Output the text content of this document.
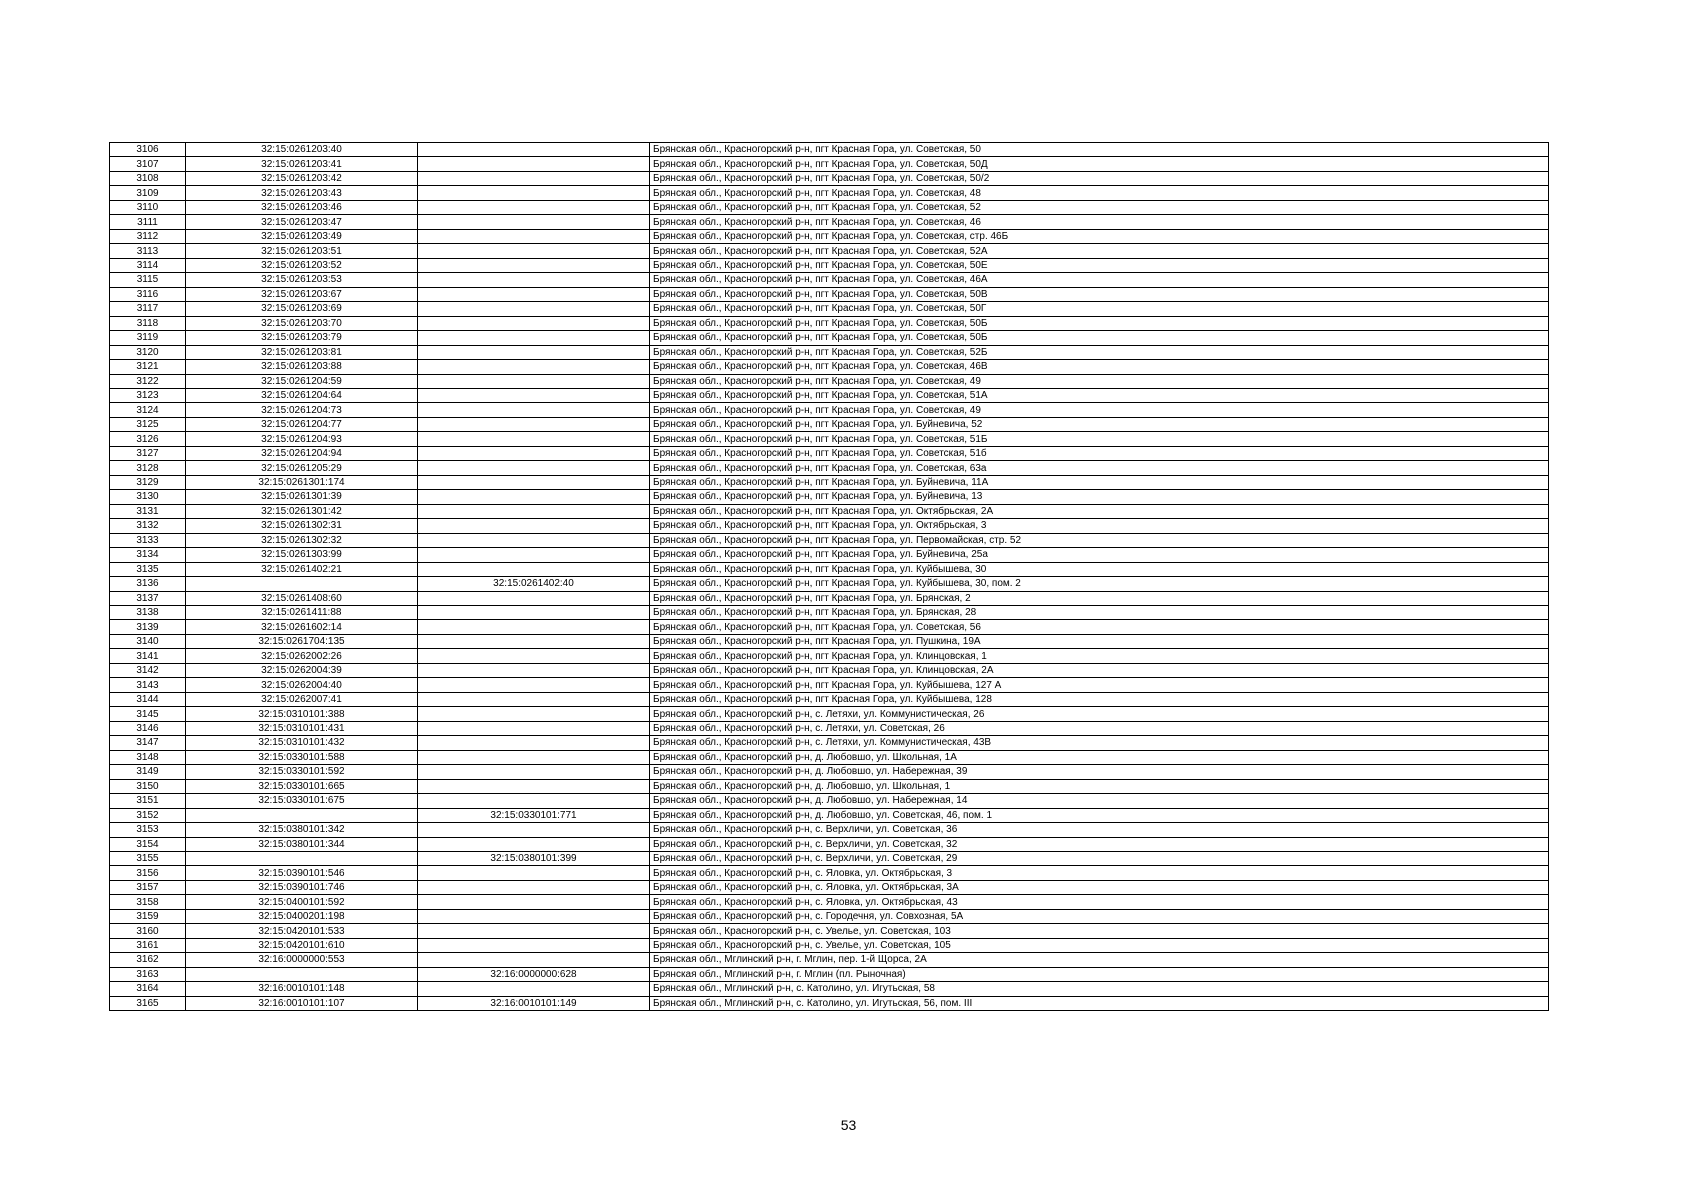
3106	32:15:0261203:40		Брянская обл., Красногорский р-н, пгт Красная Гора, ул. Советская, 50
3107	32:15:0261203:41		Брянская обл., Красногорский р-н, пгт Красная Гора, ул. Советская, 50Д
3108	32:15:0261203:42		Брянская обл., Красногорский р-н, пгт Красная Гора, ул. Советская, 50/2
3109	32:15:0261203:43		Брянская обл., Красногорский р-н, пгт Красная Гора, ул. Советская, 48
3110	32:15:0261203:46		Брянская обл., Красногорский р-н, пгт Красная Гора, ул. Советская, 52
3111	32:15:0261203:47		Брянская обл., Красногорский р-н, пгт Красная Гора, ул. Советская, 46
3112	32:15:0261203:49		Брянская обл., Красногорский р-н, пгт Красная Гора, ул. Советская, стр. 46Б
3113	32:15:0261203:51		Брянская обл., Красногорский р-н, пгт Красная Гора, ул. Советская, 52А
3114	32:15:0261203:52		Брянская обл., Красногорский р-н, пгт Красная Гора, ул. Советская, 50Е
3115	32:15:0261203:53		Брянская обл., Красногорский р-н, пгт Красная Гора, ул. Советская, 46А
3116	32:15:0261203:67		Брянская обл., Красногорский р-н, пгт Красная Гора, ул. Советская, 50В
3117	32:15:0261203:69		Брянская обл., Красногорский р-н, пгт Красная Гора, ул. Советская, 50Г
3118	32:15:0261203:70		Брянская обл., Красногорский р-н, пгт Красная Гора, ул. Советская, 50Б
3119	32:15:0261203:79		Брянская обл., Красногорский р-н, пгт Красная Гора, ул. Советская, 50Б
3120	32:15:0261203:81		Брянская обл., Красногорский р-н, пгт Красная Гора, ул. Советская, 52Б
3121	32:15:0261203:88		Брянская обл., Красногорский р-н, пгт Красная Гора, ул. Советская, 46В
3122	32:15:0261204:59		Брянская обл., Красногорский р-н, пгт Красная Гора, ул. Советская, 49
3123	32:15:0261204:64		Брянская обл., Красногорский р-н, пгт Красная Гора, ул. Советская, 51А
3124	32:15:0261204:73		Брянская обл., Красногорский р-н, пгт Красная Гора, ул. Советская, 49
3125	32:15:0261204:77		Брянская обл., Красногорский р-н, пгт Красная Гора, ул. Буйневича, 52
3126	32:15:0261204:93		Брянская обл., Красногорский р-н, пгт Красная Гора, ул. Советская, 51Б
3127	32:15:0261204:94		Брянская обл., Красногорский р-н, пгт Красная Гора, ул. Советская, 51б
3128	32:15:0261205:29		Брянская обл., Красногорский р-н, пгт Красная Гора, ул. Советская, 63а
3129	32:15:0261301:174		Брянская обл., Красногорский р-н, пгт Красная Гора, ул. Буйневича, 11А
3130	32:15:0261301:39		Брянская обл., Красногорский р-н, пгт Красная Гора, ул. Буйневича, 13
3131	32:15:0261301:42		Брянская обл., Красногорский р-н, пгт Красная Гора, ул. Октябрьская, 2А
3132	32:15:0261302:31		Брянская обл., Красногорский р-н, пгт Красная Гора, ул. Октябрьская, 3
3133	32:15:0261302:32		Брянская обл., Красногорский р-н, пгт Красная Гора, ул. Первомайская, стр. 52
3134	32:15:0261303:99		Брянская обл., Красногорский р-н, пгт Красная Гора, ул. Буйневича, 25а
3135	32:15:0261402:21		Брянская обл., Красногорский р-н, пгт Красная Гора, ул. Куйбышева, 30
3136		32:15:0261402:40	Брянская обл., Красногорский р-н, пгт Красная Гора, ул. Куйбышева, 30, пом. 2
3137	32:15:0261408:60		Брянская обл., Красногорский р-н, пгт Красная Гора, ул. Брянская, 2
3138	32:15:0261411:88		Брянская обл., Красногорский р-н, пгт Красная Гора, ул. Брянская, 28
3139	32:15:0261602:14		Брянская обл., Красногорский р-н, пгт Красная Гора, ул. Советская, 56
3140	32:15:0261704:135		Брянская обл., Красногорский р-н, пгт Красная Гора, ул. Пушкина, 19А
3141	32:15:0262002:26		Брянская обл., Красногорский р-н, пгт Красная Гора, ул. Клинцовская, 1
3142	32:15:0262004:39		Брянская обл., Красногорский р-н, пгт Красная Гора, ул. Клинцовская, 2А
3143	32:15:0262004:40		Брянская обл., Красногорский р-н, пгт Красная Гора, ул. Куйбышева, 127 А
3144	32:15:0262007:41		Брянская обл., Красногорский р-н, пгт Красная Гора, ул. Куйбышева, 128
3145	32:15:0310101:388		Брянская обл., Красногорский р-н, с. Летяхи, ул. Коммунистическая, 26
3146	32:15:0310101:431		Брянская обл., Красногорский р-н, с. Летяхи, ул. Советская, 26
3147	32:15:0310101:432		Брянская обл., Красногорский р-н, с. Летяхи, ул. Коммунистическая, 43В
3148	32:15:0330101:588		Брянская обл., Красногорский р-н, д. Любовшо, ул. Школьная, 1А
3149	32:15:0330101:592		Брянская обл., Красногорский р-н, д. Любовшо, ул. Набережная, 39
3150	32:15:0330101:665		Брянская обл., Красногорский р-н, д. Любовшо, ул. Школьная, 1
3151	32:15:0330101:675		Брянская обл., Красногорский р-н, д. Любовшо, ул. Набережная, 14
3152		32:15:0330101:771	Брянская обл., Красногорский р-н, д. Любовшо, ул. Советская, 46, пом. 1
3153	32:15:0380101:342		Брянская обл., Красногорский р-н, с. Верхличи, ул. Советская, 36
3154	32:15:0380101:344		Брянская обл., Красногорский р-н, с. Верхличи, ул. Советская, 32
3155		32:15:0380101:399	Брянская обл., Красногорский р-н, с. Верхличи, ул. Советская, 29
3156	32:15:0390101:546		Брянская обл., Красногорский р-н, с. Яловка, ул. Октябрьская, 3
3157	32:15:0390101:746		Брянская обл., Красногорский р-н, с. Яловка, ул. Октябрьская, 3А
3158	32:15:0400101:592		Брянская обл., Красногорский р-н, с. Яловка, ул. Октябрьская, 43
3159	32:15:0400201:198		Брянская обл., Красногорский р-н, с. Городечня, ул. Совхозная, 5А
3160	32:15:0420101:533		Брянская обл., Красногорский р-н, с. Увелье, ул. Советская, 103
3161	32:15:0420101:610		Брянская обл., Красногорский р-н, с. Увелье, ул. Советская, 105
3162	32:16:0000000:553		Брянская обл., Мглинский р-н, г. Мглин, пер. 1-й Щорса, 2А
3163		32:16:0000000:628	Брянская обл., Мглинский р-н, г. Мглин (пл. Рыночная)
3164	32:16:0010101:148		Брянская обл., Мглинский р-н, с. Католино, ул. Игутьская, 58
3165	32:16:0010101:107	32:16:0010101:149	Брянская обл., Мглинский р-н, с. Католино, ул. Игутьская, 56, пом. III
53
